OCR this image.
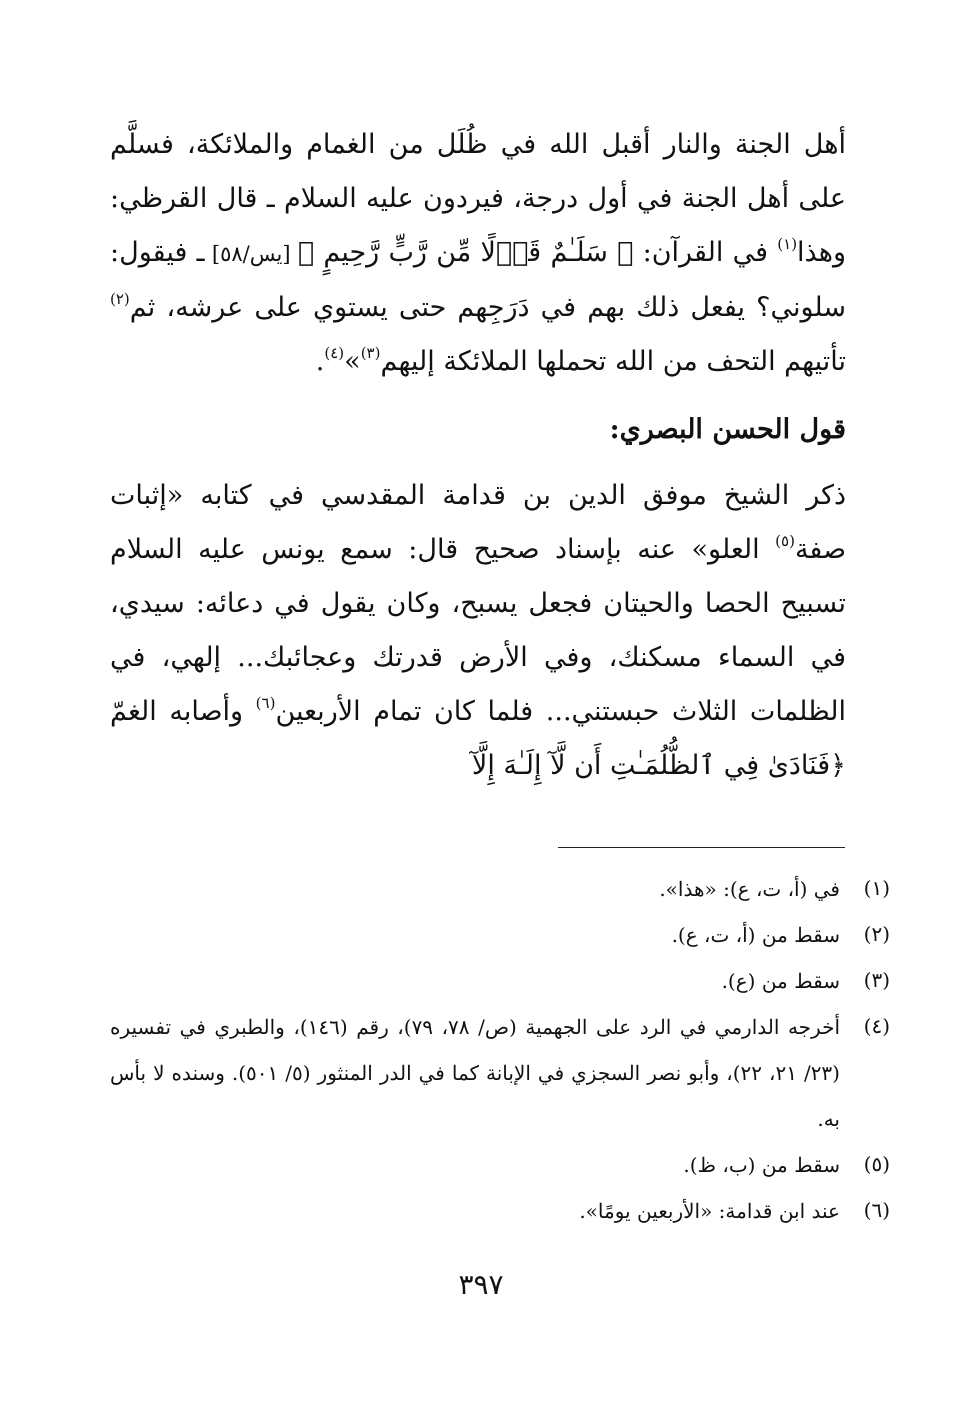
أهل الجنة والنار أقبل الله في ظُلَل من الغمام والملائكة، فسلَّم على أهل الجنة في أول درجة، فيردون عليه السلام ـ قال القرظي: وهذا$^{(١)}$ في القرآن: ﴿ سَلَـٰمٌ قَوۡلًا مِّن رَّبٍّ رَّحِيمٍ ﴾ [يس/٥٨] ـ فيقول: سلوني؟ يفعل ذلك بهم في دَرَجِهم حتى يستوي على عرشه، ثم$^{(٢)}$ تأتيهم التحف من الله تحملها الملائكة إليهم$^{(٣)}$»$^{(٤)}$.

قول الحسن البصري:

ذكر الشيخ موفق الدين بن قدامة المقدسي في كتابه «إثبات صفة$^{(٥)}$ العلو» عنه بإسناد صحيح قال: سمع يونس عليه السلام تسبيح الحصا والحيتان فجعل يسبح، وكان يقول في دعائه: سيدي، في السماء مسكنك، وفي الأرض قدرتك وعجائبك... إلهي، في الظلمات الثلاث حبستني... فلما كان تمام الأربعين$^{(٦)}$ وأصابه الغمّ ﴿فَنَادَىٰ فِي ٱلظُّلُمَـٰتِ أَن لَّآ إِلَـٰهَ إِلَّآ

(١)
في (أ، ت، ع): «هذا».
(٢)
سقط من (أ، ت، ع).
(٣)
سقط من (ع).
(٤)
أخرجه الدارمي في الرد على الجهمية (ص/ ٧٨، ٧٩)، رقم (١٤٦)، والطبري في تفسيره (٢٣/ ٢١، ٢٢)، وأبو نصر السجزي في الإبانة كما في الدر المنثور (٥/ ٥٠١). وسنده لا بأس به.
(٥)
سقط من (ب، ظ).
(٦)
عند ابن قدامة: «الأربعين يومًا».
٣٩٧
